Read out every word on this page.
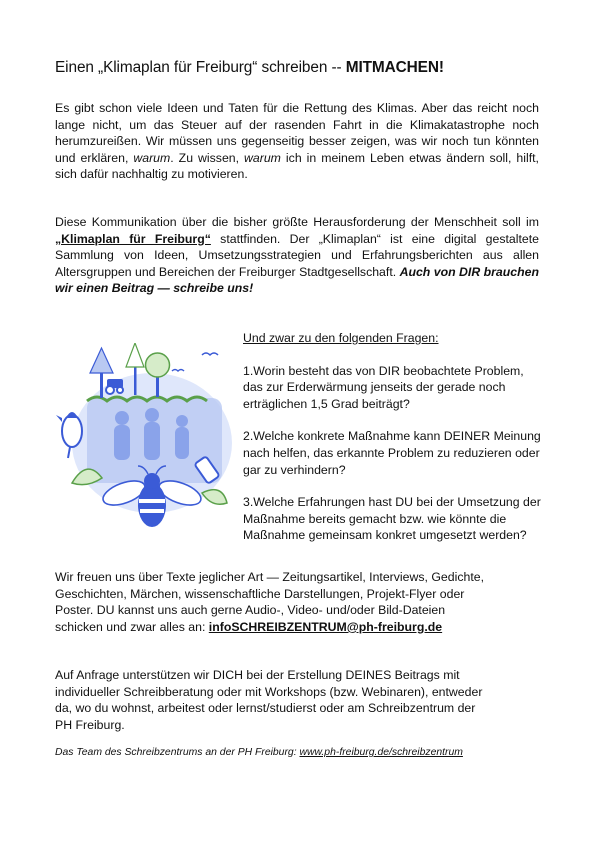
Einen „Klimaplan für Freiburg“ schreiben -- MITMACHEN!
Es gibt schon viele Ideen und Taten für die Rettung des Klimas. Aber das reicht noch lange nicht, um das Steuer auf der rasenden Fahrt in die Klimakatastrophe noch herumzureißen. Wir müssen uns gegenseitig besser zeigen, was wir noch tun könnten und erklären, warum. Zu wissen, warum ich in meinem Leben etwas ändern soll, hilft, sich dafür nachhaltig zu motivieren.
Diese Kommunikation über die bisher größte Herausforderung der Menschheit soll im „Klimaplan für Freiburg“ stattfinden. Der „Klimaplan“ ist eine digital gestaltete Sammlung von Ideen, Umsetzungsstrategien und Erfahrungsberichten aus allen Altersgruppen und Bereichen der Freiburger Stadtgesellschaft. Auch von DIR brauchen wir einen Beitrag — schreibe uns!
Und zwar zu den folgenden Fragen:
1.Worin besteht das von DIR beobachtete Problem, das zur Erderwärmung jenseits der gerade noch erträglichen 1,5 Grad beiträgt?
2.Welche konkrete Maßnahme kann DEINER Meinung nach helfen, das erkannte Problem zu reduzieren oder gar zu verhindern?
3.Welche Erfahrungen hast DU bei der Umsetzung der Maßnahme bereits gemacht bzw. wie könnte die Maßnahme gemeinsam konkret umgesetzt werden?
Wir freuen uns über Texte jeglicher Art — Zeitungsartikel, Interviews, Gedichte, Geschichten, Märchen, wissenschaftliche Darstellungen, Projekt-Flyer oder Poster. DU kannst uns auch gerne Audio-, Video- und/oder Bild-Dateien schicken und zwar alles an: infoSCHREIBZENTRUM@ph-freiburg.de
Auf Anfrage unterstützen wir DICH bei der Erstellung DEINES Beitrags mit individueller Schreibberatung oder mit Workshops (bzw. Webinaren), entweder da, wo du wohnst, arbeitest oder lernst/studierst oder am Schreibzentrum der PH Freiburg.
Das Team des Schreibzentrums an der PH Freiburg: www.ph-freiburg.de/schreibzentrum
